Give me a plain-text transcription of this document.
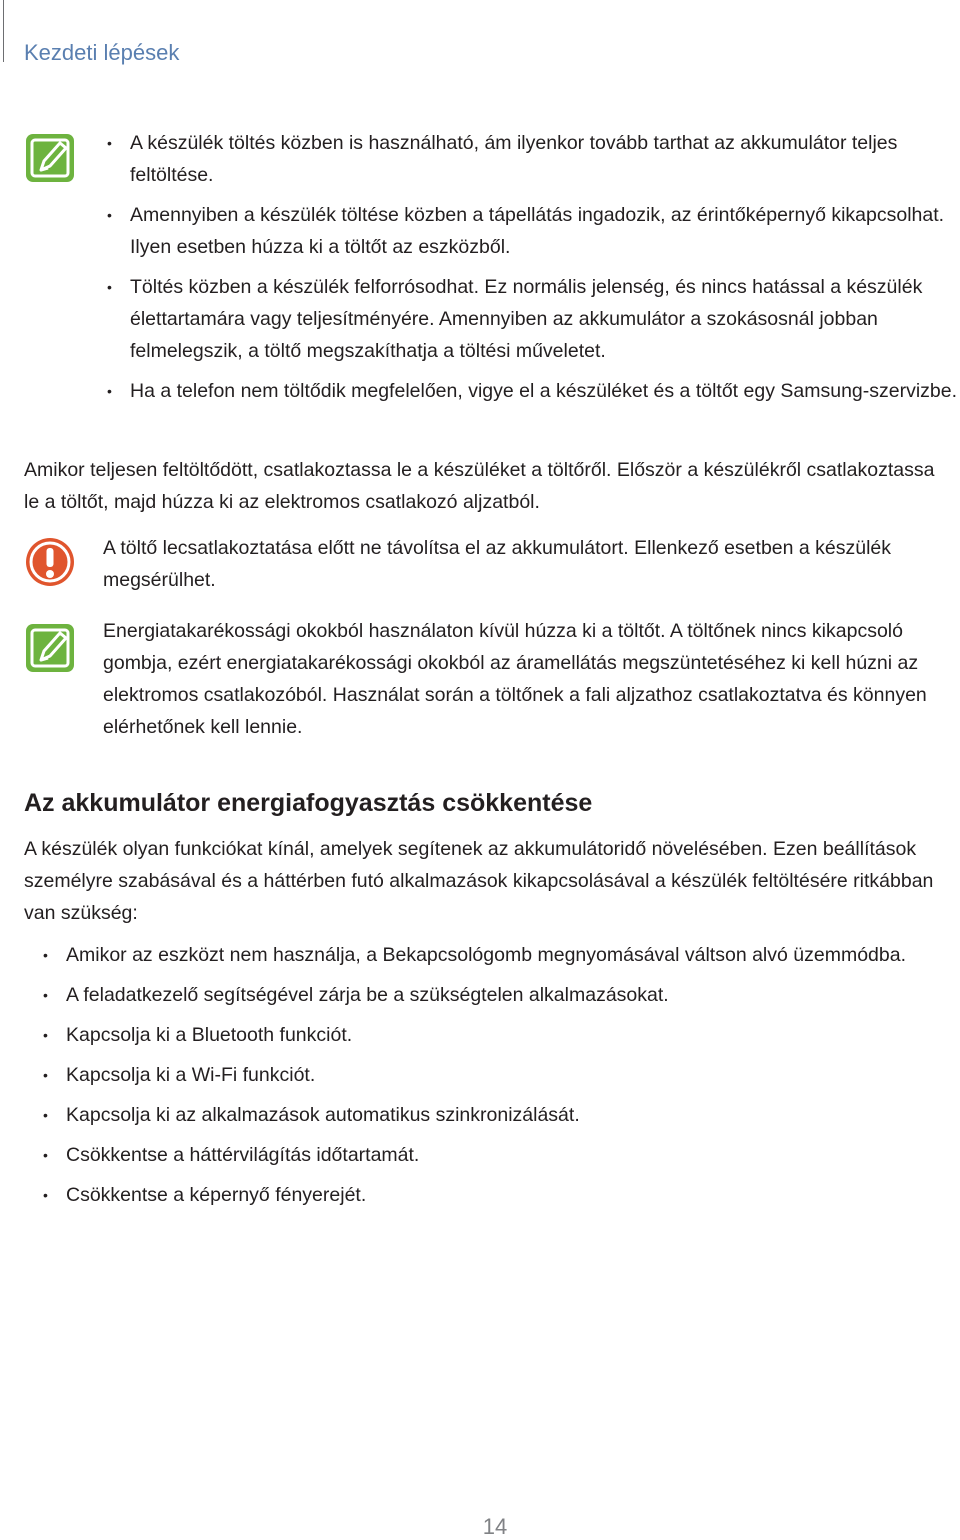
Kezdeti lépések
• A készülék töltés közben is használható, ám ilyenkor tovább tarthat az akkumulátor teljes feltöltése.
• Amennyiben a készülék töltése közben a tápellátás ingadozik, az érintőképernyő kikapcsolhat. Ilyen esetben húzza ki a töltőt az eszközből.
• Töltés közben a készülék felforrósodhat. Ez normális jelenség, és nincs hatással a készülék élettartamára vagy teljesítményére. Amennyiben az akkumulátor a szokásosnál jobban felmelegszik, a töltő megszakíthatja a töltési műveletet.
• Ha a telefon nem töltődik megfelelően, vigye el a készüléket és a töltőt egy Samsung-szervizbe.

Amikor teljesen feltöltődött, csatlakoztassa le a készüléket a töltőről. Először a készülékről csatlakoztassa le a töltőt, majd húzza ki az elektromos csatlakozó aljzatból.

A töltő lecsatlakoztatása előtt ne távolítsa el az akkumulátort. Ellenkező esetben a készülék megsérülhet.

Energiatakarékossági okokból használaton kívül húzza ki a töltőt. A töltőnek nincs kikapcsoló gombja, ezért energiatakarékossági okokból az áramellátás megszüntetéséhez ki kell húzni az elektromos csatlakozóból. Használat során a töltőnek a fali aljzathoz csatlakoztatva és könnyen elérhetőnek kell lennie.

Az akkumulátor energiafogyasztás csökkentése

A készülék olyan funkciókat kínál, amelyek segítenek az akkumulátoridő növelésében. Ezen beállítások személyre szabásával és a háttérben futó alkalmazások kikapcsolásával a készülék feltöltésére ritkábban van szükség:

• Amikor az eszközt nem használja, a Bekapcsológomb megnyomásával váltson alvó üzemmódba.
• A feladatkezelő segítségével zárja be a szükségtelen alkalmazásokat.
• Kapcsolja ki a Bluetooth funkciót.
• Kapcsolja ki a Wi-Fi funkciót.
• Kapcsolja ki az alkalmazások automatikus szinkronizálását.
• Csökkentse a háttérvilágítás időtartamát.
• Csökkentse a képernyő fényerejét.
14
